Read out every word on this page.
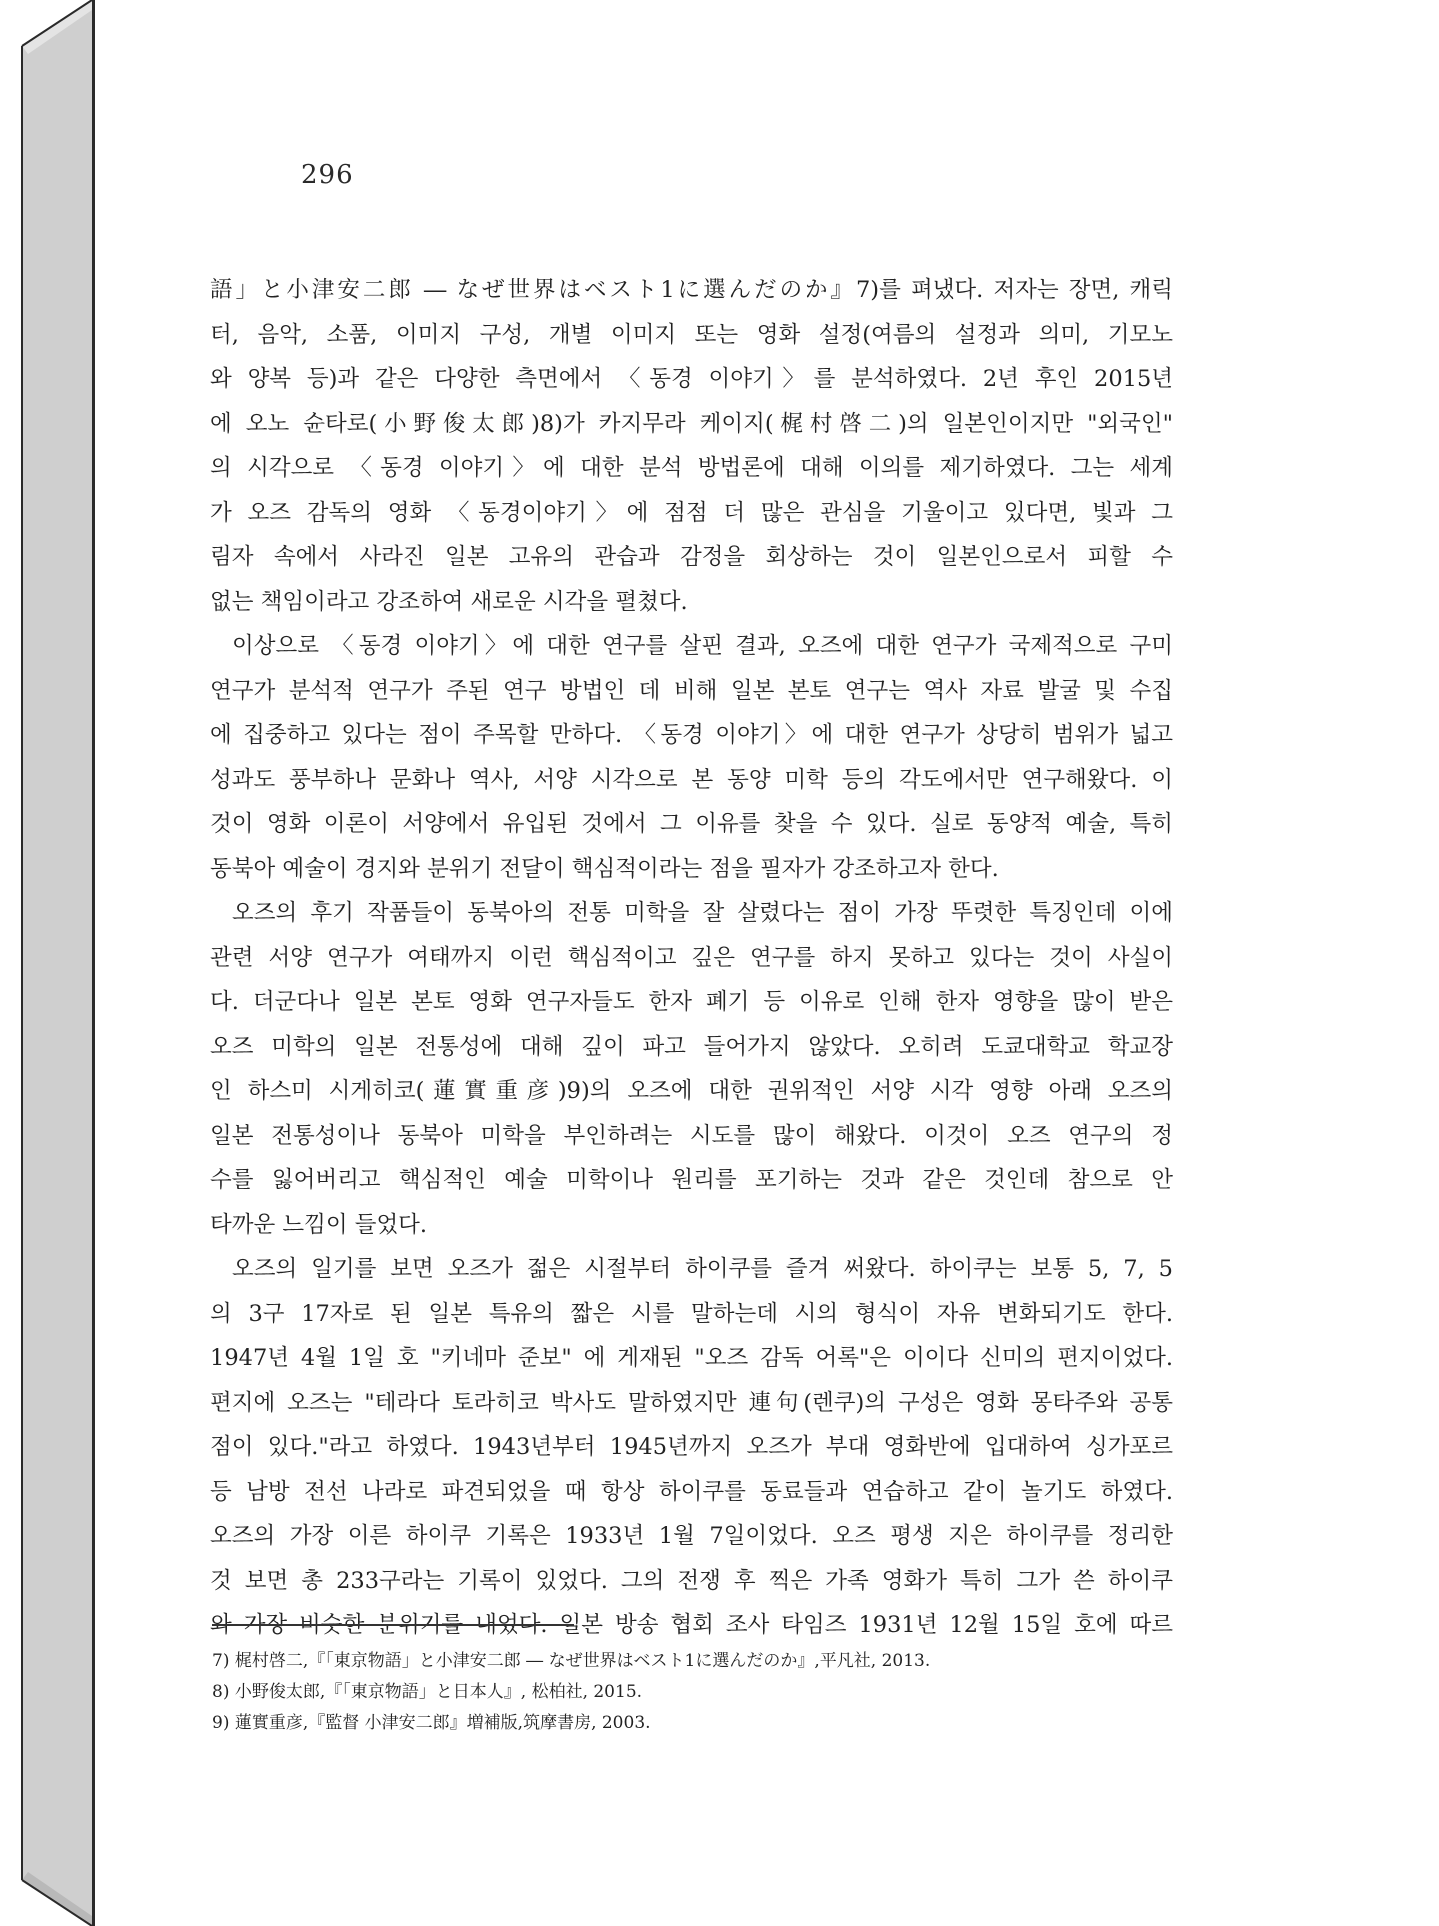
296
語」と小津安二郎 ― なぜ世界はベスト1に選んだのか』7)를 펴냈다. 저자는 장면, 캐릭
터, 음악, 소품, 이미지 구성, 개별 이미지 또는 영화 설정(여름의 설정과 의미, 기모노
와 양복 등)과 같은 다양한 측면에서 〈동경 이야기〉를 분석하였다. 2년 후인 2015년
에 오노 슌타로(小野俊太郎)8)가 카지무라 케이지(梶村啓二)의 일본인이지만 "외국인"
의 시각으로 〈동경 이야기〉에 대한 분석 방법론에 대해 이의를 제기하였다. 그는 세계
가 오즈 감독의 영화 〈동경이야기〉에 점점 더 많은 관심을 기울이고 있다면, 빛과 그
림자 속에서 사라진 일본 고유의 관습과 감정을 회상하는 것이 일본인으로서 피할 수
없는 책임이라고 강조하여 새로운 시각을 펼쳤다.
이상으로 〈동경 이야기〉에 대한 연구를 살핀 결과, 오즈에 대한 연구가 국제적으로 구미
연구가 분석적 연구가 주된 연구 방법인 데 비해 일본 본토 연구는 역사 자료 발굴 및 수집
에 집중하고 있다는 점이 주목할 만하다. 〈동경 이야기〉에 대한 연구가 상당히 범위가 넓고
성과도 풍부하나 문화나 역사, 서양 시각으로 본 동양 미학 등의 각도에서만 연구해왔다. 이
것이 영화 이론이 서양에서 유입된 것에서 그 이유를 찾을 수 있다. 실로 동양적 예술, 특히
동북아 예술이 경지와 분위기 전달이 핵심적이라는 점을 필자가 강조하고자 한다.
오즈의 후기 작품들이 동북아의 전통 미학을 잘 살렸다는 점이 가장 뚜렷한 특징인데 이에
관련 서양 연구가 여태까지 이런 핵심적이고 깊은 연구를 하지 못하고 있다는 것이 사실이
다. 더군다나 일본 본토 영화 연구자들도 한자 폐기 등 이유로 인해 한자 영향을 많이 받은
오즈 미학의 일본 전통성에 대해 깊이 파고 들어가지 않았다. 오히려 도쿄대학교 학교장
인 하스미 시게히코(蓮實重彦)9)의 오즈에 대한 권위적인 서양 시각 영향 아래 오즈의
일본 전통성이나 동북아 미학을 부인하려는 시도를 많이 해왔다. 이것이 오즈 연구의 정
수를 잃어버리고 핵심적인 예술 미학이나 원리를 포기하는 것과 같은 것인데 참으로 안
타까운 느낌이 들었다.
오즈의 일기를 보면 오즈가 젊은 시절부터 하이쿠를 즐겨 써왔다. 하이쿠는 보통 5, 7, 5
의 3구 17자로 된 일본 특유의 짧은 시를 말하는데 시의 형식이 자유 변화되기도 한다.
1947년 4월 1일 호 "키네마 준보" 에 게재된 "오즈 감독 어록"은 이이다 신미의 편지이었다.
편지에 오즈는 "테라다 토라히코 박사도 말하였지만 連句(렌쿠)의 구성은 영화 몽타주와 공통
점이 있다."라고 하였다. 1943년부터 1945년까지 오즈가 부대 영화반에 입대하여 싱가포르
등 남방 전선 나라로 파견되었을 때 항상 하이쿠를 동료들과 연습하고 같이 놀기도 하였다.
오즈의 가장 이른 하이쿠 기록은 1933년 1월 7일이었다. 오즈 평생 지은 하이쿠를 정리한
것 보면 총 233구라는 기록이 있었다. 그의 전쟁 후 찍은 가족 영화가 특히 그가 쓴 하이쿠
와 가장 비슷한 분위기를 내었다. 일본 방송 협회 조사 타임즈 1931년 12월 15일 호에 따르
7) 梶村啓二,『「東京物語」と小津安二郎 ― なぜ世界はベスト1に選んだのか』,平凡社, 2013.
8) 小野俊太郎,『「東京物語」と日本人』, 松柏社, 2015.
9) 蓮實重彦,『監督 小津安二郎』増補版,筑摩書房, 2003.
